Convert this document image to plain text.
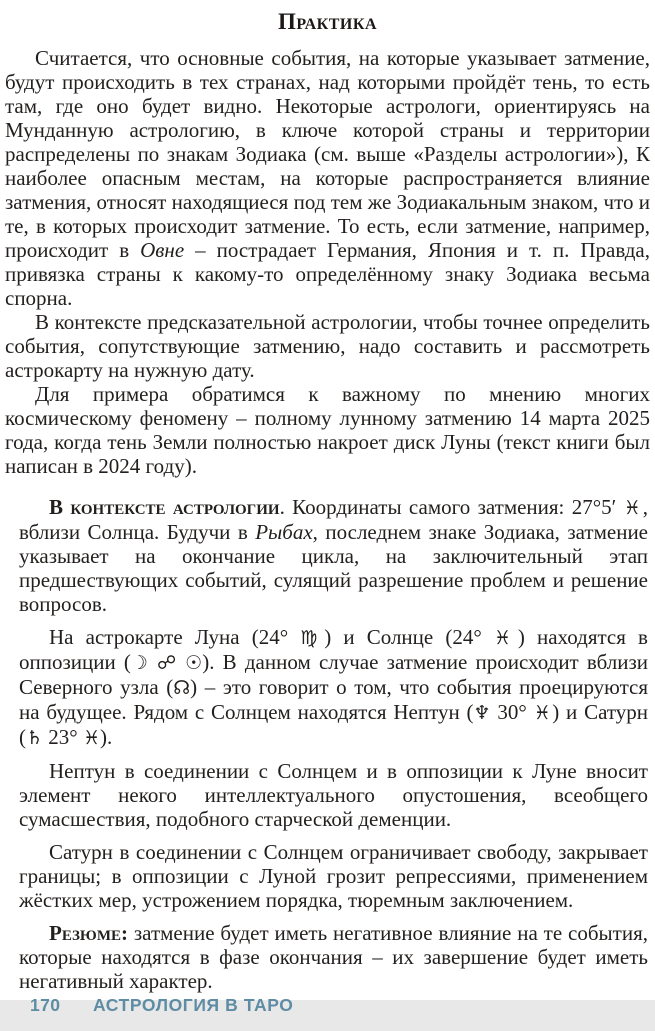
Практика

Считается, что основные события, на которые указывает затмение, будут происходить в тех странах, над которыми пройдёт тень, то есть там, где оно будет видно. Некоторые астрологи, ориентируясь на Мунданную астрологию, в ключе которой страны и территории распределены по знакам Зодиака (см. выше «Разделы астрологии»), К наиболее опасным местам, на которые распространяется влияние затмения, относят находящиеся под тем же Зодиакальным знаком, что и те, в которых происходит затмение. То есть, если затмение, например, происходит в Овне – пострадает Германия, Япония и т. п. Правда, привязка страны к какому-то определённому знаку Зодиака весьма спорна.

В контексте предсказательной астрологии, чтобы точнее определить события, сопутствующие затмению, надо составить и рассмотреть астрокарту на нужную дату.

Для примера обратимся к важному по мнению многих космическому феномену – полному лунному затмению 14 марта 2025 года, когда тень Земли полностью накроет диск Луны (текст книги был написан в 2024 году).

В контексте астрологии. Координаты самого затмения: 27°5′ ♓, вблизи Солнца. Будучи в Рыбах, последнем знаке Зодиака, затмение указывает на окончание цикла, на заключительный этап предшествующих событий, сулящий разрешение проблем и решение вопросов.

На астрокарте Луна (24° ♍) и Солнце (24° ♓) находятся в оппозиции (☽ ☍ ☉). В данном случае затмение происходит вблизи Северного узла (☊) – это говорит о том, что события проецируются на будущее. Рядом с Солнцем находятся Нептун (♆ 30° ♓) и Сатурн (♄ 23° ♓).

Нептун в соединении с Солнцем и в оппозиции к Луне вносит элемент некого интеллектуального опустошения, всеобщего сумасшествия, подобного старческой деменции.

Сатурн в соединении с Солнцем ограничивает свободу, закрывает границы; в оппозиции с Луной грозит репрессиями, применением жёстких мер, устрожением порядка, тюремным заключением.

Резюме: затмение будет иметь негативное влияние на те события, которые находятся в фазе окончания – их завершение будет иметь негативный характер.

170	АСТРОЛОГИЯ В ТАРО
